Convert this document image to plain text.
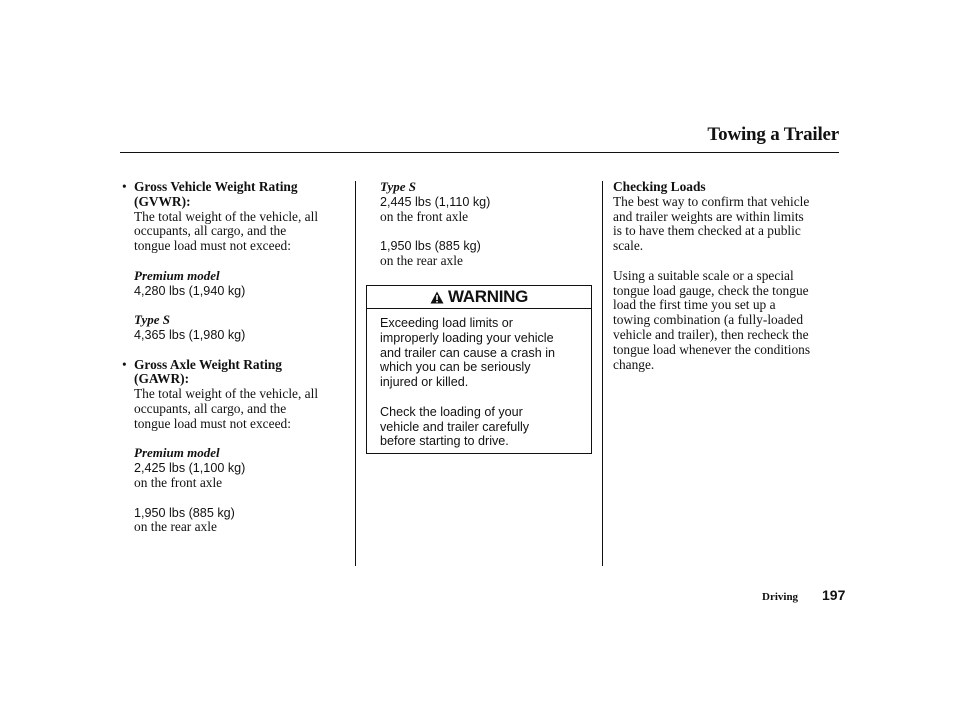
Towing a Trailer
• Gross Vehicle Weight Rating
(GVWR):
The total weight of the vehicle, all
occupants, all cargo, and the
tongue load must not exceed:
Premium model
4,280 lbs (1,940 kg)
Type S
4,365 lbs (1,980 kg)
• Gross Axle Weight Rating
(GAWR):
The total weight of the vehicle, all
occupants, all cargo, and the
tongue load must not exceed:
Premium model
2,425 lbs (1,100 kg)
on the front axle
1,950 lbs (885 kg)
on the rear axle
Type S
2,445 lbs (1,110 kg)
on the front axle
1,950 lbs (885 kg)
on the rear axle
WARNING
Exceeding load limits or
improperly loading your vehicle
and trailer can cause a crash in
which you can be seriously
injured or killed.
Check the loading of your
vehicle and trailer carefully
before starting to drive.
Checking Loads
The best way to confirm that vehicle
and trailer weights are within limits
is to have them checked at a public
scale.
Using a suitable scale or a special
tongue load gauge, check the tongue
load the first time you set up a
towing combination (a fully-loaded
vehicle and trailer), then recheck the
tongue load whenever the conditions
change.
Driving 197
